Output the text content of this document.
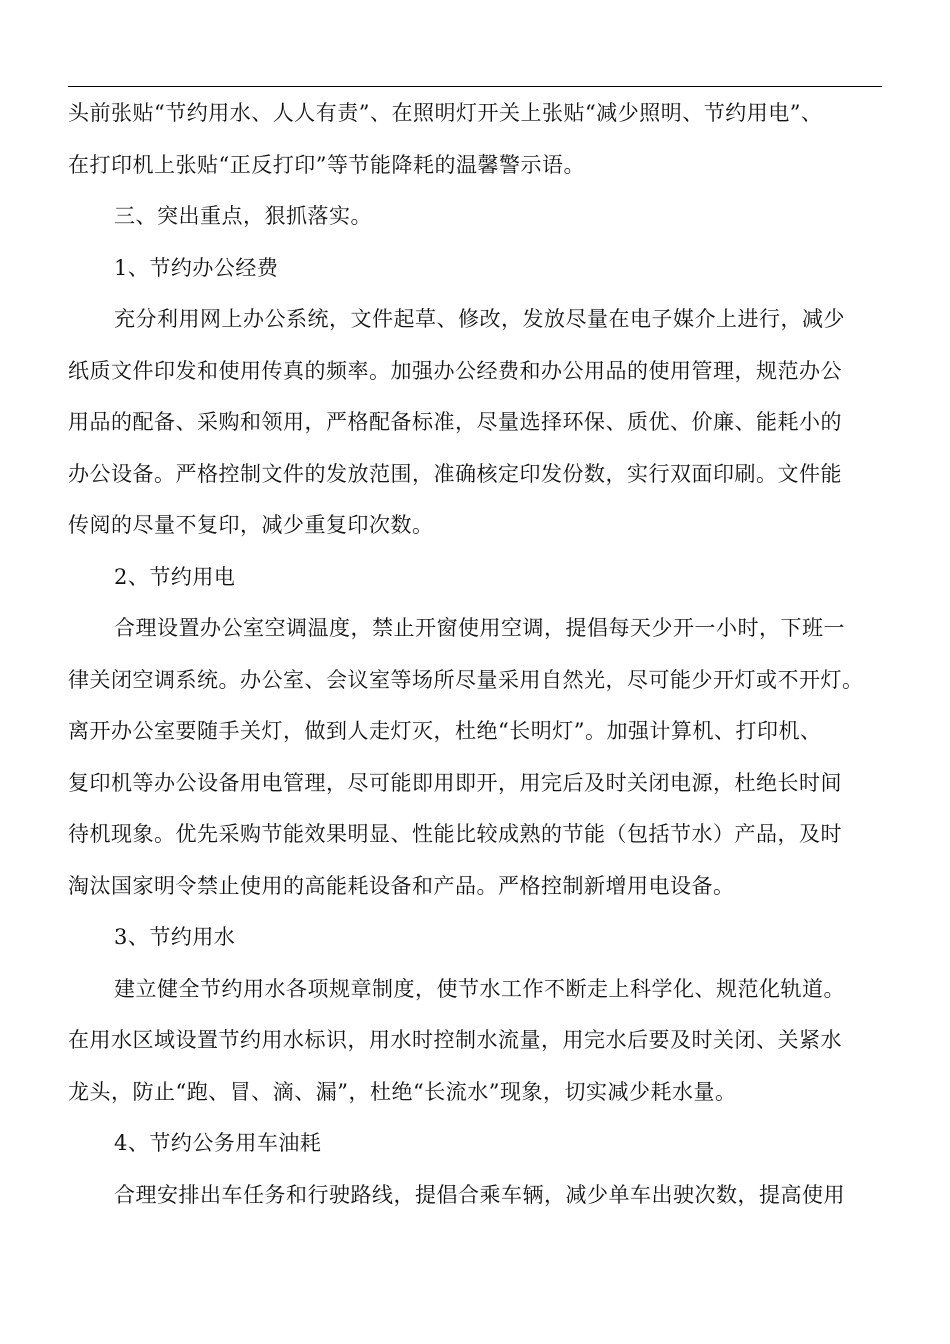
头前张贴“节约用水、人人有责”、在照明灯开关上张贴“减少照明、节约用电”、
在打印机上张贴“正反打印”等节能降耗的温馨警示语。
三、突出重点，狠抓落实。
1、节约办公经费
充分利用网上办公系统，文件起草、修改，发放尽量在电子媒介上进行，减少
纸质文件印发和使用传真的频率。加强办公经费和办公用品的使用管理，规范办公
用品的配备、采购和领用，严格配备标准，尽量选择环保、质优、价廉、能耗小的
办公设备。严格控制文件的发放范围，准确核定印发份数，实行双面印刷。文件能
传阅的尽量不复印，减少重复印次数。
2、节约用电
合理设置办公室空调温度，禁止开窗使用空调，提倡每天少开一小时，下班一
律关闭空调系统。办公室、会议室等场所尽量采用自然光，尽可能少开灯或不开灯。
离开办公室要随手关灯，做到人走灯灭，杜绝“长明灯”。加强计算机、打印机、
复印机等办公设备用电管理，尽可能即用即开，用完后及时关闭电源，杜绝长时间
待机现象。优先采购节能效果明显、性能比较成熟的节能（包括节水）产品，及时
淘汰国家明令禁止使用的高能耗设备和产品。严格控制新增用电设备。
3、节约用水
建立健全节约用水各项规章制度，使节水工作不断走上科学化、规范化轨道。
在用水区域设置节约用水标识，用水时控制水流量，用完水后要及时关闭、关紧水
龙头，防止“跑、冒、滴、漏”，杜绝“长流水”现象，切实减少耗水量。
4、节约公务用车油耗
合理安排出车任务和行驶路线，提倡合乘车辆，减少单车出驶次数，提高使用
